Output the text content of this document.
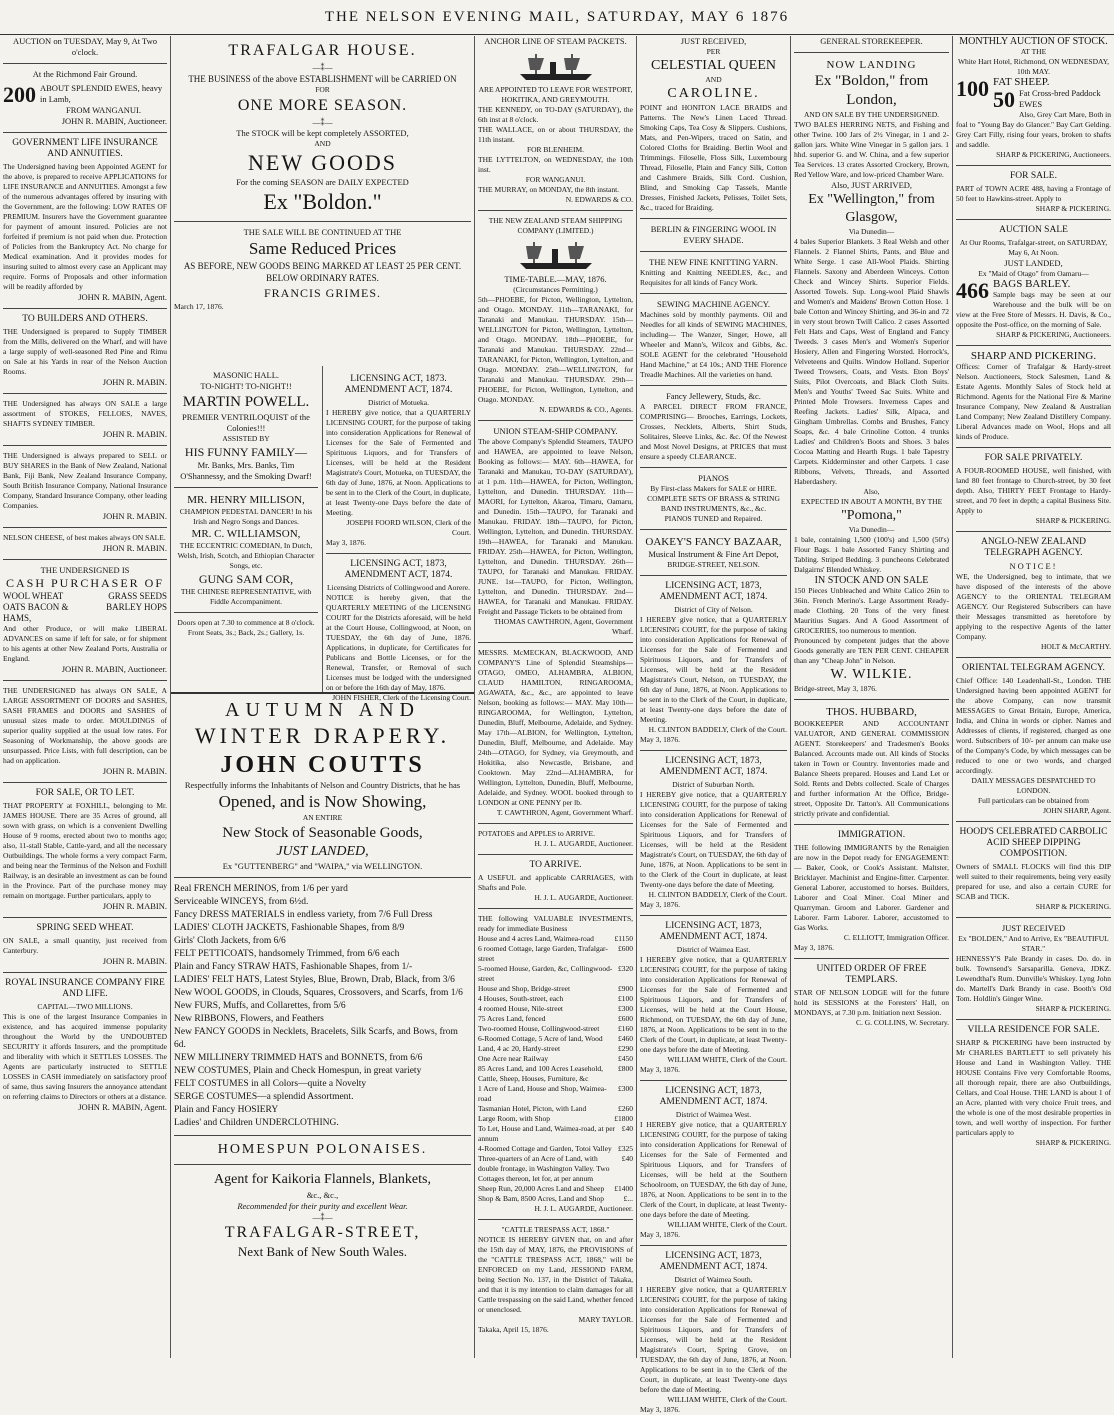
THE NELSON EVENING MAIL, SATURDAY, MAY 6 1876
AUCTION on TUESDAY, May 9, At Two o'clock.
At the Richmond Fair Ground.
200 ABOUT SPLENDID EWES, heavy in Lamb,
FROM WANGANUI.
JOHN R. MABIN, Auctioneer.
GOVERNMENT LIFE INSURANCE AND ANNUITIES.
The Undersigned having been Appointed AGENT for the above, is prepared to receive APPLICATIONS for LIFE INSURANCE and ANNUITIES. Amongst a few of the numerous advantages offered by insuring with the Government, are the following: LOW RATES OF PREMIUM. Insurers have the Government guarantee for payment of amount insured. Policies are not forfeited if premium is not paid when due. Protection of Policies from the Bankruptcy Act. No charge for Medical examination. And it provides modes for insuring suited to almost every case an Applicant may require. Forms of Proposals and other information will be readily afforded by
JOHN R. MABIN, Agent.
TO BUILDERS AND OTHERS.
THE Undersigned is prepared to Supply TIMBER from the Mills, delivered on the Wharf, and will have a large supply of well-seasoned Red Pine and Rimu on Sale at his Yards in rear of the Nelson Auction Rooms.
JOHN R. MABIN.
THE Undersigned has always ON SALE a large assortment of STOKES, FELLOES, NAVES, SHAFTS SYDNEY TIMBER.
JOHN R. MABIN.
THE Undersigned is always prepared to SELL or BUY SHARES in the Bank of New Zealand, National Bank, Fiji Bank, New Zealand Insurance Company, South British Insurance Company, National Insurance Company, Standard Insurance Company, other leading Companies.
JOHN R. MABIN.
NELSON CHEESE, of best makes always ON SALE.
JHON R. MABIN.
THE UNDERSIGNED IS
CASH PURCHASER OF
WOOL WHEAT OATS BACON & HAMS,
GRASS SEEDS BARLEY HOPS
And other Produce, or will make LIBERAL ADVANCES on same if left for sale, or for shipment to his agents at other New Zealand Ports, Australia or England.
JOHN R. MABIN, Auctioneer.
THE UNDERSIGNED has always ON SALE, A LARGE ASSORTMENT OF DOORS and SASHES, SASH FRAMES and DOORS and SASHES of unusual sizes made to order. MOULDINGS of superior quality supplied at the usual low rates. For Seasoning of Workmanship, the above goods are unsurpassed. Price Lists, with full description, can be had on application.
JOHN R. MABIN.
FOR SALE, OR TO LET.
THAT PROPERTY at FOXHILL, belonging to Mr. JAMES HOUSE. There are 35 Acres of ground, all sown with grass, on which is a convenient Dwelling House of 9 rooms, erected about two to months ago; also, 11-stall Stable, Cattle-yard, and all the necessary Outbuildings. The whole forms a very compact Farm, and being near the Terminus of the Nelson and Foxhill Railway, is an desirable an investment as can be found in the Province. Part of the purchase money may remain on mortgage. Further particulars, apply to
JOHN R. MABIN.
SPRING SEED WHEAT.
ON SALE, a small quantity, just received from Canterbury.
JOHN R. MABIN.
ROYAL INSURANCE COMPANY FIRE AND LIFE.
CAPITAL—TWO MILLIONS.
This is one of the largest Insurance Companies in existence, and has acquired immense popularity throughout the World by the UNDOUBTED SECURITY it affords Insurers, and the promptitude and liberality with which it SETTLES LOSSES. The Agents are particularly instructed to SETTLE LOSSES in CASH immediately on satisfactory proof of same, thus saving Insurers the annoyance attendant on referring claims to Directors or others at a distance.
JOHN R. MABIN, Agent.
TRAFALGAR HOUSE.
—⁑—
THE BUSINESS of the above ESTABLISHMENT will be CARRIED ON
FOR
ONE MORE SEASON.
—⁑—
The STOCK will be kept completely ASSORTED,
AND
NEW GOODS
For the coming SEASON are DAILY EXPECTED
Ex "Boldon."
THE SALE WILL BE CONTINUED AT THE
Same Reduced Prices
AS BEFORE, NEW GOODS BEING MARKED AT LEAST 25 PER CENT. BELOW ORDINARY RATES.
FRANCIS GRIMES.
March 17, 1876.
MASONIC HALL.
TO-NIGHT! TO-NIGHT!!
MARTIN POWELL.
PREMIER VENTRILOQUIST of the Colonies!!!
ASSISTED BY
HIS FUNNY FAMILY—
Mr. Banks, Mrs. Banks, Tim O'Shannessy, and the Smoking Dwarf!
MR. HENRY MILLISON,
CHAMPION PEDESTAL DANCER! In his Irish and Negro Songs and Dances.
MR. C. WILLIAMSON,
THE ECCENTRIC COMEDIAN, In Dutch, Welsh, Irish, Scotch, and Ethiopian Character Songs, etc.
GUNG SAM COR,
THE CHINESE REPRESENTATIVE, with Fiddle Accompaniment.
Doors open at 7.30 to commence at 8 o'clock. Front Seats, 3s.; Back, 2s.; Gallery, 1s.
LICENSING ACT, 1873. AMENDMENT ACT, 1874.
District of Motueka.
I HEREBY give notice, that a QUARTERLY LICENSING COURT, for the purpose of taking into consideration Applications for Renewal of Licenses for the Sale of Fermented and Spirituous Liquors, and for Transfers of Licenses, will be held at the Resident Magistrate's Court, Motueka, on TUESDAY, the 6th day of June, 1876, at Noon. Applications to be sent in to the Clerk of the Court, in duplicate, at least Twenty-one Days before the date of Meeting.
JOSEPH FOORD WILSON, Clerk of the Court.
May 3, 1876.
LICENSING ACT, 1873, AMENDMENT ACT, 1874.
Licensing Districts of Collingwood and Aorere.
NOTICE is hereby given, that the QUARTERLY MEETING of the LICENSING COURT for the Districts aforesaid, will be held at the Court House, Collingwood, at Noon, on TUESDAY, the 6th day of June, 1876. Applications, in duplicate, for Certificates for Publicans and Bottle Licenses, or for the Renewal, Transfer, or Removal of such Licenses must be lodged with the undersigned on or before the 16th day of May, 1876.
JOHN FISHER, Clerk of the Licensing Court.
AUTUMN AND
WINTER DRAPERY.
JOHN COUTTS
Respectfully informs the Inhabitants of Nelson and Country Districts, that he has
Opened, and is Now Showing,
AN ENTIRE
New Stock of Seasonable Goods,
JUST LANDED,
Ex "GUTTENBERG" and "WAIPA," via WELLINGTON.
Real FRENCH MERINOS, from 1/6 per yard
Serviceable WINCEYS, from 6½d.
Fancy DRESS MATERIALS in endless variety, from 7/6 Full Dress
LADIES' CLOTH JACKETS, Fashionable Shapes, from 8/9
Girls' Cloth Jackets, from 6/6
FELT PETTICOATS, handsomely Trimmed, from 6/6 each
Plain and Fancy STRAW HATS, Fashionable Shapes, from 1/-
LADIES' FELT HATS, Latest Styles, Blue, Brown, Drab, Black, from 3/6
New WOOL GOODS, in Clouds, Squares, Crossovers, and Scarfs, from 1/6
New FURS, Muffs, and Collarettes, from 5/6
New RIBBONS, Flowers, and Feathers
New FANCY GOODS in Necklets, Bracelets, Silk Scarfs, and Bows, from 6d.
NEW MILLINERY TRIMMED HATS and BONNETS, from 6/6
NEW COSTUMES, Plain and Check Homespun, in great variety
FELT COSTUMES in all Colors—quite a Novelty
SERGE COSTUMES—a splendid Assortment.
Plain and Fancy HOSIERY
Ladies' and Children UNDERCLOTHING.
HOMESPUN POLONAISES.
Agent for Kaikoria Flannels, Blankets,
&c., &c.,
Recommended for their purity and excellent Wear.
—⁑—
TRAFALGAR-STREET,
Next Bank of New South Wales.
ANCHOR LINE OF STEAM PACKETS.
ARE APPOINTED TO LEAVE FOR WESTPORT, HOKITIKA, AND GREYMOUTH.
THE KENNEDY, on TO-DAY (SATURDAY), the 6th inst at 8 o'clock.
THE WALLACE, on or about THURSDAY, the 11th instant.
FOR BLENHEIM.
THE LYTTELTON, on WEDNESDAY, the 10th inst.
FOR WANGANUI.
THE MURRAY, on MONDAY, the 8th instant.
N. EDWARDS & CO.
THE NEW ZEALAND STEAM SHIPPING COMPANY (LIMITED.)
TIME-TABLE.—MAY, 1876.
(Circumstances Permitting.)
5th—PHOEBE, for Picton, Wellington, Lyttelton, and Otago. MONDAY. 11th—TARANAKI, for Taranaki and Manukau. THURSDAY. 15th—WELLINGTON for Picton, Wellington, Lyttelton, and Otago. MONDAY. 18th—PHOEBE, for Taranaki and Manukau. THURSDAY. 22nd—TARANAKI, for Picton, Wellington, Lyttelton, and Otago. MONDAY. 25th—WELLINGTON, for Taranaki and Manukau. THURSDAY. 29th—PHOEBE, for Picton, Wellington, Lyttelton, and Otago. MONDAY.
N. EDWARDS & CO., Agents.
UNION STEAM-SHIP COMPANY.
The above Company's Splendid Steamers, TAUPO and HAWEA, are appointed to leave Nelson, Booking as follows:— MAY. 6th—HAWEA, for Taranaki and Manukau, TO-DAY (SATURDAY), at 1 p.m. 11th—HAWEA, for Picton, Wellington, Lyttelton, and Dunedin. THURSDAY. 11th—MAORI, for Lyttelton, Akaroa, Timaru, Oamaru, and Dunedin. 15th—TAUPO, for Taranaki and Manukau. FRIDAY. 18th—TAUPO, for Picton, Wellington, Lyttelton, and Dunedin. THURSDAY. 19th—HAWEA, for Taranaki and Manukau. FRIDAY. 25th—HAWEA, for Picton, Wellington, Lyttelton, and Dunedin. THURSDAY. 26th—TAUPO, for Taranaki and Manukau. FRIDAY. JUNE. 1st—TAUPO, for Picton, Wellington, Lyttelton, and Dunedin. THURSDAY. 2nd—HAWEA, for Taranaki and Manukau. FRIDAY. Freight and Passage Tickets to be obtained from
THOMAS CAWTHRON, Agent, Government Wharf.
MESSRS. McMECKAN, BLACKWOOD, AND COMPANY'S Line of Splendid Steamships—OTAGO, OMEO, ALHAMBRA, ALBION, CLAUD HAMILTON, RINGAROOMA, AGAWATA, &c., &c., are appointed to leave Nelson, booking as follows:— MAY. May 10th—RINGAROOMA, for Wellington, Lyttelton, Dunedin, Bluff, Melbourne, Adelaide, and Sydney. May 17th—ALBION, for Wellington, Lyttelton, Dunedin, Bluff, Melbourne, and Adelaide. May 24th—OTAGO, for Sydney, via Greymouth, and Hokitika, also Newcastle, Brisbane, and Cooktown. May 22nd—ALHAMBRA, for Wellington, Lyttelton, Dunedin, Bluff, Melbourne, Adelaide, and Sydney. WOOL booked through to LONDON at ONE PENNY per lb.
T. CAWTHRON, Agent, Government Wharf.
POTATOES and APPLES to ARRIVE.
H. J. L. AUGARDE, Auctioneer.
TO ARRIVE.
A USEFUL and applicable CARRIAGES, with Shafts and Pole.
H. J. L. AUGARDE, Auctioneer.
THE following VALUABLE INVESTMENTS, ready for immediate Business
House and 4 acres Land, Waimea-road	£1150
6 roomed Cottage, large Garden, Trafalgar-street
£600
5-roomed House, Garden, &c, Collingwood-street
£320
House and Shop, Bridge-street	£900
4 Houses, South-street, each	£100
4 roomed House, Nile-street	£300
75 Acres Land, fenced	£600
Two-roomed House, Collingwood-street £160
6-Roomed Cottage, 5 Acre of land, Wood £460
Land, 4 ac 20, Hardy-street	£290
One Acre near Railway	£450
85 Acres Land, and 100 Acres Leasehold, Cattle, Sheep, Houses, Furniture, &c
£800
1 Acre of Land, House and Shop, Waimea-road
£300
Tasmanian Hotel, Picton, with Land	£260
Large Room, with Shop	£1800
To Let, House and Land, Waimea-road, at per annum
£40
4-Roomed Cottage and Garden, Totoi Valley £325
Three-quarters of an Acre of Land, with double frontage, in Washington Valley. Two Cottages thereon, let for, at per annum
£40
Sheep Run, 20,000 Acres Land and Sheep £1400
Shop & Bam, 8500 Acres, Land and Shop	£...
H. J. L. AUGARDE, Auctioneer.
"CATTLE TRESPASS ACT, 1868."
NOTICE IS HEREBY GIVEN that, on and after the 15th day of MAY, 1876, the PROVISIONS of the "CATTLE TRESPASS ACT, 1868," will be ENFORCED on my Land, JESSIOND FARM, being Section No. 137, in the District of Takaka, and that it is my intention to claim damages for all Cattle trespassing on the said Land, whether fenced or unenclosed.
MARY TAYLOR.
Takaka, April 15, 1876.
JUST RECEIVED,
PER
CELESTIAL QUEEN
AND
CAROLINE.
POINT and HONITON LACE BRAIDS and Patterns. The New's Linen Laced Thread. Smoking Caps, Tea Cosy & Slippers. Cushions, Mats, and Pen-Wipers, traced on Satin, and Colored Cloths for Braiding. Berlin Wool and Trimmings. Filoselle, Floss Silk, Luxembourg Thread, Filoselle, Plain and Fancy Silk, Cotton and Cashmere Braids, Silk Cord. Cushion, Blind, and Smoking Cap Tassels, Mantle Dresses, Finished Jackets, Pelisses, Toilet Sets, &c., traced for Braiding.
BERLIN & FINGERING WOOL IN EVERY SHADE.
THE NEW FINE KNITTING YARN.
Knitting and Knitting NEEDLES, &c., and Requisites for all kinds of Fancy Work.
SEWING MACHINE AGENCY.
Machines sold by monthly payments. Oil and Needles for all kinds of SEWING MACHINES, including— The Wanzer, Singer, Howe, all Wheeler and Mann's, Wilcox and Gibbs, &c. SOLE AGENT for the celebrated "Household Hand Machine," at £4 10s.; AND THE Florence Treadle Machines. All the varieties on hand.
Fancy Jellewery, Studs, &c.
A PARCEL DIRECT FROM FRANCE, COMPRISING— Brooches, Earrings, Lockets, Crosses, Necklets, Alberts, Shirt Studs, Solitaires, Sleeve Links, &c. &c. Of the Newest and Most Novel Designs, at PRICES that must ensure a speedy CLEARANCE.
PIANOS
By First-class Makers for SALE or HIRE. COMPLETE SETS OF BRASS & STRING BAND INSTRUMENTS, &c., &c.
PIANOS TUNED and Repaired.
OAKEY'S FANCY BAZAAR,
Musical Instrument & Fine Art Depot,
BRIDGE-STREET, NELSON.
LICENSING ACT, 1873, AMENDMENT ACT, 1874.
District of City of Nelson.
I HEREBY give notice, that a QUARTERLY LICENSING COURT, for the purpose of taking into consideration Applications for Renewal of Licenses for the Sale of Fermented and Spirituous Liquors, and for Transfers of Licenses, will be held at the Resident Magistrate's Court, Nelson, on TUESDAY, the 6th day of June, 1876, at Noon. Applications to be sent in to the Clerk of the Court, in duplicate, at least Twenty-one days before the date of Meeting.
H. CLINTON BADDELY, Clerk of the Court.
May 3, 1876.
LICENSING ACT, 1873, AMENDMENT ACT, 1874.
District of Suburban North.
I HEREBY give notice, that a QUARTERLY LICENSING COURT, for the purpose of taking into consideration Applications for Renewal of Licenses for the Sale of Fermented and Spirituous Liquors, and for Transfers of Licenses, will be held at the Resident Magistrate's Court, on TUESDAY, the 6th day of June, 1876, at Noon. Applications to be sent in to the Clerk of the Court in duplicate, at least Twenty-one days before the date of Meeting.
H. CLINTON BADDELY, Clerk of the Court.
May 3, 1876.
LICENSING ACT, 1873, AMENDMENT ACT, 1874.
District of Waimea East.
I HEREBY give notice, that a QUARTERLY LICENSING COURT, for the purpose of taking into consideration Applications for Renewal of Licenses for the Sale of Fermented and Spirituous Liquors, and for Transfers of Licenses, will be held at the Court House, Richmond, on TUESDAY, the 6th day of June, 1876, at Noon. Applications to be sent in to the Clerk of the Court, in duplicate, at least Twenty-one days before the date of Meeting.
WILLIAM WHITE, Clerk of the Court.
May 3, 1876.
LICENSING ACT, 1873, AMENDMENT ACT, 1874.
District of Waimea West.
I HEREBY give notice, that a QUARTERLY LICENSING COURT, for the purpose of taking into consideration Applications for Renewal of Licenses for the Sale of Fermented and Spirituous Liquors, and for Transfers of Licenses, will be held at the Southern Schoolroom, on TUESDAY, the 6th day of June, 1876, at Noon. Applications to be sent in to the Clerk of the Court, in duplicate, at least Twenty-one days before the date of Meeting.
WILLIAM WHITE, Clerk of the Court.
May 3, 1876.
LICENSING ACT, 1873, AMENDMENT ACT, 1874.
District of Waimea South.
I HEREBY give notice, that a QUARTERLY LICENSING COURT, for the purpose of taking into consideration Applications for Renewal of Licenses for the Sale of Fermented and Spirituous Liquors, and for Transfers of Licenses, will be held at the Resident Magistrate's Court, Spring Grove, on TUESDAY, the 6th day of June, 1876, at Noon. Applications to be sent in to the Clerk of the Court, in duplicate, at least Twenty-one days before the date of Meeting.
WILLIAM WHITE, Clerk of the Court.
May 3, 1876.
GENERAL STOREKEEPER.
NOW LANDING
Ex "Boldon," from London,
AND ON SALE BY THE UNDERSIGNED.
TWO BALES HERRING NETS, and Fishing and other Twine. 100 Jars of 2½ Vinegar, in 1 and 2-gallon jars. White Wine Vinegar in 5 gallon jars. 1 hhd. superior G. and W. China, and a few superior Tea Services. 13 crates Assorted Crockery, Brown, Red Yellow Ware, and low-priced Chamber Ware.
Also, JUST ARRIVED,
Ex "Wellington," from Glasgow,
Via Dunedin—
4 bales Superior Blankets. 3 Real Welsh and other Flannels. 2 Flannel Shirts, Pants, and Blue and White Serge. 1 case All-Wool Plaids. Shirting Flannels. Saxony and Aberdeen Winceys. Cotton Check and Wincey Shirts. Superior Fields. Assorted Towels. Sup. Long-wool Plaid Shawls and Women's and Maidens' Brown Cotton Hose. 1 bale Cotton and Wincey Shirting, and 36-in and 72 in very stout brown Twill Calico. 2 cases Assorted Felt Hats and Caps, West of England and Fancy Tweeds. 3 cases Men's and Women's Superior Hosiery, Allen and Fingering Worsted. Horrock's, Velveteens and Quilts. Window Holland. Superior Tweed Trowsers, Coats, and Vests. Eton Boys' Suits, Pilot Overcoats, and Black Cloth Suits. Men's and Youths' Tweed Sac Suits. White and Printed Mole Trowsers. Inverness Capes and Reefing Jackets. Ladies' Silk, Alpaca, and Gingham Umbrellas. Combs and Brushes, Fancy Soaps, &c. 4 bale Crinoline Cotton. 4 trunks Ladies' and Children's Boots and Shoes. 3 bales Cocoa Matting and Hearth Rugs. 1 bale Tapestry Carpets. Kidderminster and other Carpets. 1 case Ribbons, Velvets, Threads, and Assorted Haberdashery.
Also,
EXPECTED IN ABOUT A MONTH, BY THE
"Pomona,"
Via Dunedin—
1 bale, containing 1,500 (100's) and 1,500 (50's) Flour Bags. 1 bale Assorted Fancy Shirting and Tabling. Striped Bedding. 3 puncheons Celebrated Dalgairns' Blended Whiskey.
IN STOCK AND ON SALE
150 Pieces Unbleached and White Calico 26in to 36in. French Merino's. Large Assortment Ready-made Clothing. 20 Tons of the very finest Mauritius Sugars. And A Good Assortment of GROCERIES, too numerous to mention.
Pronounced by competent judges that the above Goods generally are TEN PER CENT. CHEAPER than any "Cheap John" in Nelson.
W. WILKIE.
Bridge-street, May 3, 1876.
THOS. HUBBARD,
BOOKKEEPER AND ACCOUNTANT VALUATOR, AND GENERAL COMMISSION AGENT. Storekeepers' and Tradesmen's Books Balanced. Accounts made out. All kinds of Stocks taken in Town or Country. Inventories made and Balance Sheets prepared. Houses and Land Let or Sold. Rents and Debts collected. Scale of Charges and further information At the Office, Bridge-street, Opposite Dr. Tatton's. All Communications strictly private and confidential.
IMMIGRATION.
THE following IMMIGRANTS by the Renaigien are now in the Depot ready for ENGAGEMENT:— Baker, Cook, or Cook's Assistant. Maltster, Bricklayer. Machinist and Engine-fitter. Carpenter. General Laborer, accustomed to horses. Builders, Laborer and Coal Miner. Coal Miner and Quarryman. Groom and Laborer. Gardener and Laborer. Farm Laborer. Laborer, accustomed to Gas Works.
C. ELLIOTT, Immigration Officer.
May 3, 1876.
UNITED ORDER OF FREE TEMPLARS.
STAR OF NELSON LODGE will for the future hold its SESSIONS at the Foresters' Hall, on MONDAYS, at 7.30 p.m. Initiation next Session.
C. G. COLLINS, W. Secretary.
MONTHLY AUCTION OF STOCK.
AT THE
White Hart Hotel, Richmond, ON WEDNESDAY, 10th MAY.
100 FAT SHEEP.
50 Fat Cross-bred Paddock EWES
Also, Grey Cart Mare, Both in foal to "Young Bay do Glancer." Bay Cart Gelding. Grey Cart Filly, rising four years, broken to shafts and saddle.
SHARP & PICKERING, Auctioneers.
FOR SALE.
PART of TOWN ACRE 488, having a Frontage of 50 feet to Hawkins-street. Apply to
SHARP & PICKERING.
AUCTION SALE
At Our Rooms, Trafalgar-street, on SATURDAY, May 6, At Noon.
JUST LANDED,
Ex "Maid of Otago" from Oamaru—
466 BAGS BARLEY.
Sample bags may be seen at our Warehouse and the bulk will be on view at the Free Store of Messrs. H. Davis, & Co., opposite the Post-office, on the morning of Sale.
SHARP & PICKERING, Auctioneers.
SHARP AND PICKERING.
Offices: Corner of Trafalgar & Hardy-street Nelson. Auctioneers, Stock Salesmen, Land & Estate Agents. Monthly Sales of Stock held at Richmond. Agents for the National Fire & Marine Insurance Company, New Zealand & Australian Land Company; New Zealand Distillery Company. Liberal Advances made on Wool, Hops and all kinds of Produce.
FOR SALE PRIVATELY.
A FOUR-ROOMED HOUSE, well finished, with land 80 feet frontage to Church-street, by 30 feet depth. Also, THIRTY FEET Frontage to Hardy-street, and 70 feet in depth; a capital Business Site. Apply to
SHARP & PICKERING.
ANGLO-NEW ZEALAND TELEGRAPH AGENCY.
NOTICE!
WE, the Undersigned, beg to intimate, that we have disposed of the interests of the above AGENCY to the ORIENTAL TELEGRAM AGENCY. Our Registered Subscribers can have their Messages transmitted as heretofore by applying to the respective Agents of the latter Company.
HOLT & McCARTHY.
ORIENTAL TELEGRAM AGENCY.
Chief Office: 140 Leadenhall-St., London. THE Undersigned having been appointed AGENT for the above Company, can now transmit MESSAGES to Great Britain, Europe, America, India, and China in words or cipher. Names and Addresses of clients, if registered, charged as one word. Subscribers of 10/- per annum can make use of the Company's Code, by which messages can be reduced to one or two words, and charged accordingly.
DAILY MESSAGES DESPATCHED TO LONDON.
Full particulars can be obtained from
JOHN SHARP, Agent.
HOOD'S CELEBRATED CARBOLIC ACID SHEEP DIPPING COMPOSITION.
Owners of SMALL FLOCKS will find this DIP well suited to their requirements, being very easily prepared for use, and also a certain CURE for SCAB and TICK.
SHARP & PICKERING.
JUST RECEIVED
Ex "BOLDEN," And to Arrive, Ex "BEAUTIFUL STAR."
HENNESSY'S Pale Brandy in cases. Do. do. in bulk. Townsend's Sarsaparilla. Geneva, JDKZ. Lewendthal's Rum. Dunville's Whiskey. Lyng John do. Martell's Dark Brandy in case. Booth's Old Tom. Holdlin's Ginger Wine.
SHARP & PICKERING.
VILLA RESIDENCE FOR SALE.
SHARP & PICKERING have been instructed by Mr CHARLES BARTLETT to sell privately his House and Land in Washington Valley. THE HOUSE Contains Five very Comfortable Rooms, all thorough repair, there are also Outbuildings, Cellars, and Coal House. THE LAND is about 1 of an Acre, planted with very choice Fruit trees, and the whole is one of the most desirable properties in town, and well worthy of inspection. For further particulars apply to
SHARP & PICKERING.
